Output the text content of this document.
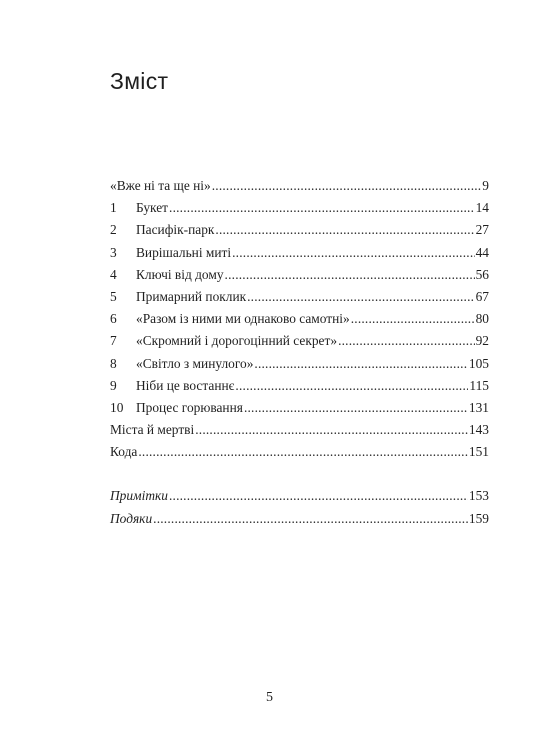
Зміст
«Вже ні та ще ні» .....	9
1	Букет .....	14
2	Пасифік-парк .....	27
3	Вирішальні миті .....	44
4	Ключі від дому .....	56
5	Примарний поклик .....	67
6	«Разом із ними ми однаково самотні» .....	80
7	«Скромний і дорогоцінний секрет» .....	92
8	«Світло з минулого» .....	105
9	Ніби це востаннє .....	115
10 Процес горювання .....	131
Міста й мертві .....	143
Кода .....	151
Примітки .....	153
Подяки .....	159
5
